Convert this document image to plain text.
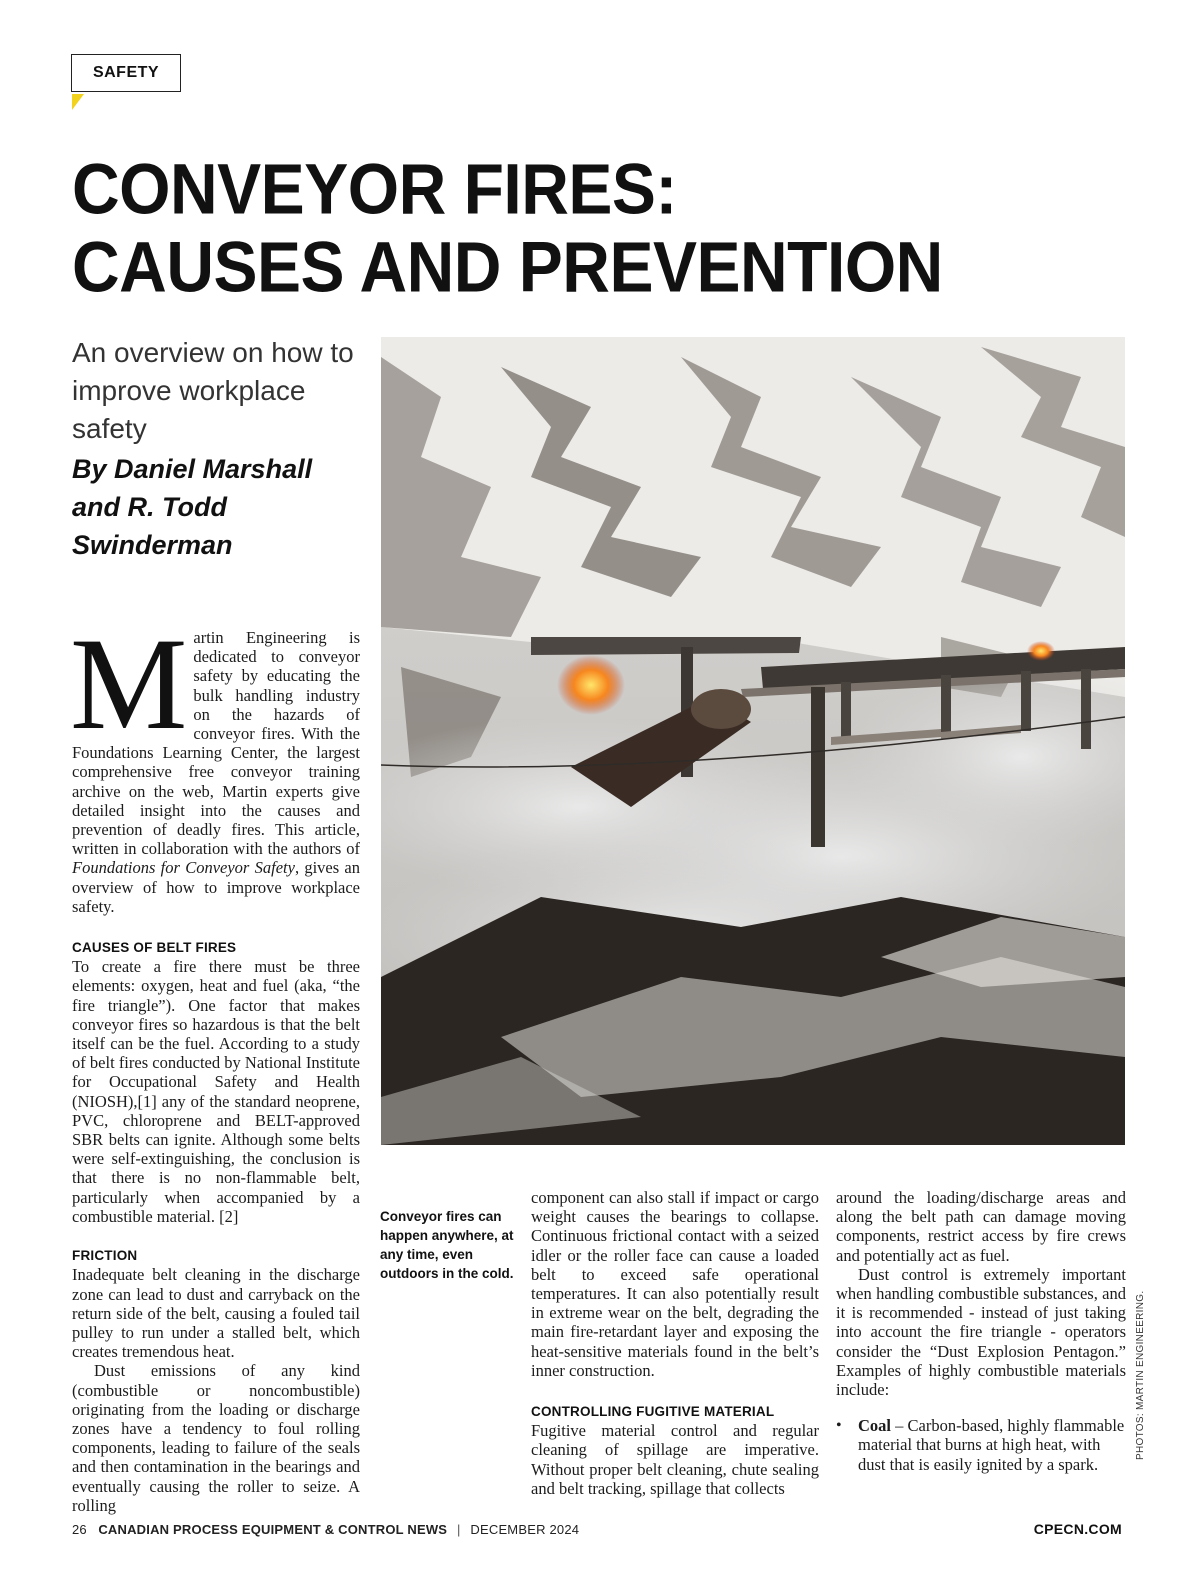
SAFETY
CONVEYOR FIRES:
CAUSES AND PREVENTION
An overview on how to improve workplace safety
By Daniel Marshall and R. Todd Swinderman
M artin Engineering is dedicated to conveyor safety by educating the bulk handling industry on the hazards of conveyor fires. With the Foundations Learning Center, the largest comprehensive free conveyor training archive on the web, Martin experts give detailed insight into the causes and prevention of deadly fires. This article, written in collaboration with the authors of Foundations for Conveyor Safety, gives an overview of how to improve workplace safety.

CAUSES OF BELT FIRES

To create a fire there must be three elements: oxygen, heat and fuel (aka, “the fire triangle”). One factor that makes conveyor fires so hazardous is that the belt itself can be the fuel. According to a study of belt fires conducted by National Institute for Occupational Safety and Health (NIOSH),[1] any of the standard neoprene, PVC, chloroprene and BELT-approved SBR belts can ignite. Although some belts were self-extinguishing, the conclusion is that there is no non-flammable belt, particularly when accompanied by a combustible material. [2]

FRICTION

Inadequate belt cleaning in the discharge zone can lead to dust and carryback on the return side of the belt, causing a fouled tail pulley to run under a stalled belt, which creates tremendous heat.

Dust emissions of any kind (combustible or noncombustible) originating from the loading or discharge zones have a tendency to foul rolling components, leading to failure of the seals and then contamination in the bearings and eventually causing the roller to seize. A rolling

Conveyor fires can happen anywhere, at any time, even outdoors in the cold.

component can also stall if impact or cargo weight causes the bearings to collapse. Continuous frictional contact with a seized idler or the roller face can cause a loaded belt to exceed safe operational temperatures. It can also potentially result in extreme wear on the belt, degrading the main fire-retardant layer and exposing the heat-sensitive materials found in the belt’s inner construction.

CONTROLLING FUGITIVE MATERIAL

Fugitive material control and regular cleaning of spillage are imperative. Without proper belt cleaning, chute sealing and belt tracking, spillage that collects

around the loading/discharge areas and along the belt path can damage moving components, restrict access by fire crews and potentially act as fuel.

Dust control is extremely important when handling combustible substances, and it is recommended - instead of just taking into account the fire triangle - operators consider the “Dust Explosion Pentagon.” Examples of highly combustible materials include:

• Coal – Carbon-based, highly flammable material that burns at high heat, with dust that is easily ignited by a spark.
PHOTOS: MARTIN ENGINEERING.
26 CANADIAN PROCESS EQUIPMENT & CONTROL NEWS | DECEMBER 2024	CPECN.COM
